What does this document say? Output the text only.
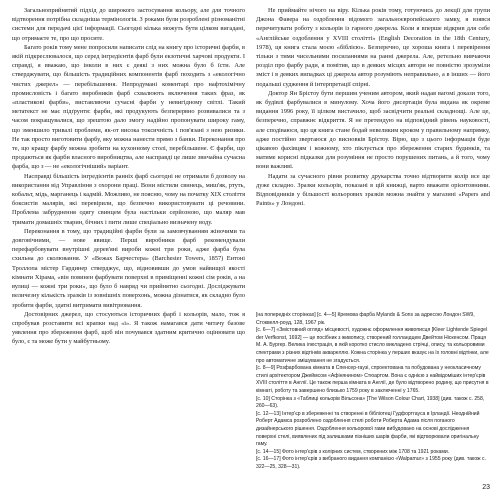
Загальноприйнятий підхід до широкого застосування кольору, але для точного відтворення потрібна складніша термінологія. З роками були розроблені різноманітні системи для передачі цієї інформації. Сьогодні кілька можуть бути цілком вигадані, що отримаєте те, про що просите.

Багато років тому мене попросили написати слід на книгу про історичні фарби, в якій підкреслювалося, що серед інгредієнтів фарб були екзотичні харчові продукти. І справді, я вважаю, що інколи в них є деякі з них можна було б їсти. Але стверджувати, що більшість традиційних компонентів фарб походить з «екологічно чистих джерел» — перебільшення. Непродумані коментарі про нафтохімічну промисловість і багато виробників фарб схвалюють включення таких фраз, як «пластикові фарби», виставляючи сучасні фарби у невигідному світлі. Такий метатекст не має підґрунтя: фарби, які продукують безперервно розвивалися та з часом покращувалися, що зрештою дало змогу надійно пропонувати широку гаму, що зменшило тривалі проблеми, як-от висока токсичність і пов'язані з нею ризики. Не так просто виготовити фарбу, яку можна нанести прямо з банки. Переконання про те, що кращу фарбу можна зробити на кухонному столі, перебільшене. Є фарби, що продаються як фарби власного виробництва, але насправді це лише звичайна сучасна фарба, що з — не «екологічніший» варіант.

Насправді більшість інгредієнтів ранніх фарб сьогодні не отримали б дозволу на використання від Управління з охорони праці. Вони містили свинець, миш'як, ртуть, кобальт, мідь, марганець і кадмій. Можливо, не поясню, чому на початку XIX століття боксистів малярів, які перевірили, що безпечно використовувати ці речовини. Проблема забруднення одягу свинцем була настільки серйозною, що маляр мав тримати домашніх тварин, бічних і пити лише спеціально визначену воду.

Переконання в тому, що традиційні фарби були за замовчуванням жіночими та довговічними, — нове явище. Перші виробники фарб рекомендували перефарбовувати внутрішні дерев'яні вироби кожні три роки, адже фарба була схильна до сколювання. У «Вежах Барчестера» (Barchester Towers, 1857) Ентоні Троллопа містер Гардинер стверджує, що, відновивши до умов найвищої якості кімнати Хірама, «він повинен фарбувати поверхні в приміщенні кожні сім років, а на вулиці — кожні три роки», що було б навряд чи прийнятно сьогодні. Досліджувати величезну кількість зразків із зовнішніх поверхонь, можна дізнатися, як складно було зробити фарби, здатні витримати вивітрювання.

Достовірних джерел, що стосуються історичних фарб і кольорів, мало, тож я спробував розставити всі крапки над «і». Я також намагався дати читачу базове уявлення про збереження фарб, щоб він почувався здатним критично оцінювати що було, є та може бути у майбутньому.

Не приймайте нічого на віру. Кілька років тому, готуючись до лекції для групи Джона Фавера на оздоблення відомого загальноєвропейського замку, я взявся перечитувати роботу з кольорів із гарного джерела. Коли я вперше відкрив для себе «Англійське оздоблення у XVIII столітті» (English Decoration in the 18th Century, 1978), ця книга стала моєю «біблією». Безперечно, це хороша книга і перевірення тільки з тими чисельними посиланнями на ранні джерела. Але, ретельно вивчаючи розділ про фарбу ради, я помітив, що в деяких місцях автори не повністю зрозуміли зміст і в деяких випадках ці джерела автор розуміють неправильно, а в інших — його подальші судження й інтерпретації спірні.

Доктор Ян Брістоу бути першим ученим автором, який надав вагомі докази того, як будівлі фарбувалися в минулому. Хоча його дисертація була видана як окреме видання 1996 року, її цілком вистачило, щоб засвідчити реальні складнощі. Але це, безперечно, справжнє відкриття. Я не претендую на відповідний рівень науковості, але сподіваюся, що ця книга стане бодай невеликим кроком у правильному напрямку, адже постійно звертаюся до висновків Брістоу. Вірю, що з цього інформація буде цікавою фахівцям і кожному, хто піклується про збереження старих будинків, та матиме корисні підказки для розуміння не просто порушених питань, а й того, чому вони важливі.

Надати за сучасного рівня розвитку друкарства точно відтворити колір все ще дуже складно. Зразки кольорів, показані в цій книжці, варто вважати орієнтовними. Відповідників у більшості кольорових зразків можна знайти у магазині «Papers and Paints» у Лондоні.

[на попередніх сторінках] [с. 4—5] Кремова фарба Mylands & Sons за адресою Лондон SW9, Стоквелл-роуд, 128, 1967 рік.

[с. 6—7] «Змістовний огляд» місцевості, художнє оформлення живописця [Kleer Lightende Spiegel der Verfkonst, 1692] — це посібник з живопису, створений голландцем Двейтом Ніскенсом. Праця М. А. Бургер. Велика ілюстрація, в якій коротко стисло викладено стрічці, опису, та кольоровими спектрами з різних відтінків аквареллю. Кожна сторінка у перших вказує на їх головні відтінки, але про автоматичне змішування не згадується.

[с. 8—9] Розфарбована кімната в Спенсер-гаузі, спроектована та побудована у неокласичному стилі архітектором Джеймсом «Афінянином» Стюартом. Вона є однією з найвідоміших інтер'єрів XVIII століття в Англії. Це також перша кімната в Англії, де було відтворено родину, що присутня в кімнаті, роботу та завершено близько 1759 року в заключенні у 1765.

[с. 10] Сторінка з «Таблиці кольорів Вільсона» [The Wilson Colour Chart, 1938] (див. також с. 258, 260—63).

[с. 12—13] Інтер'єр в збереженні та створенні в бібліотеці Гудфортгауса в Ірландії. Неоднійний Роберт Адамса розроблено оздоблення стелі роботи Роберта Адама після поганого дизайнерського рішення. Оздоблення кольорової гами вибудовано на основі дослідження поверхні стелі, виявлених під залишками пізніших шарів фарби, які відтворювали оригінальну гаму.

[с. 14—15] Фото інтер'єрів з колірних систем, створених між 1708 та 1921 роками.

[с. 16—17] Фото інтер'єрів з вибраного видання компанією «Walpamur» з 1955 року (див. також с. 322—25, 328—31).

23
